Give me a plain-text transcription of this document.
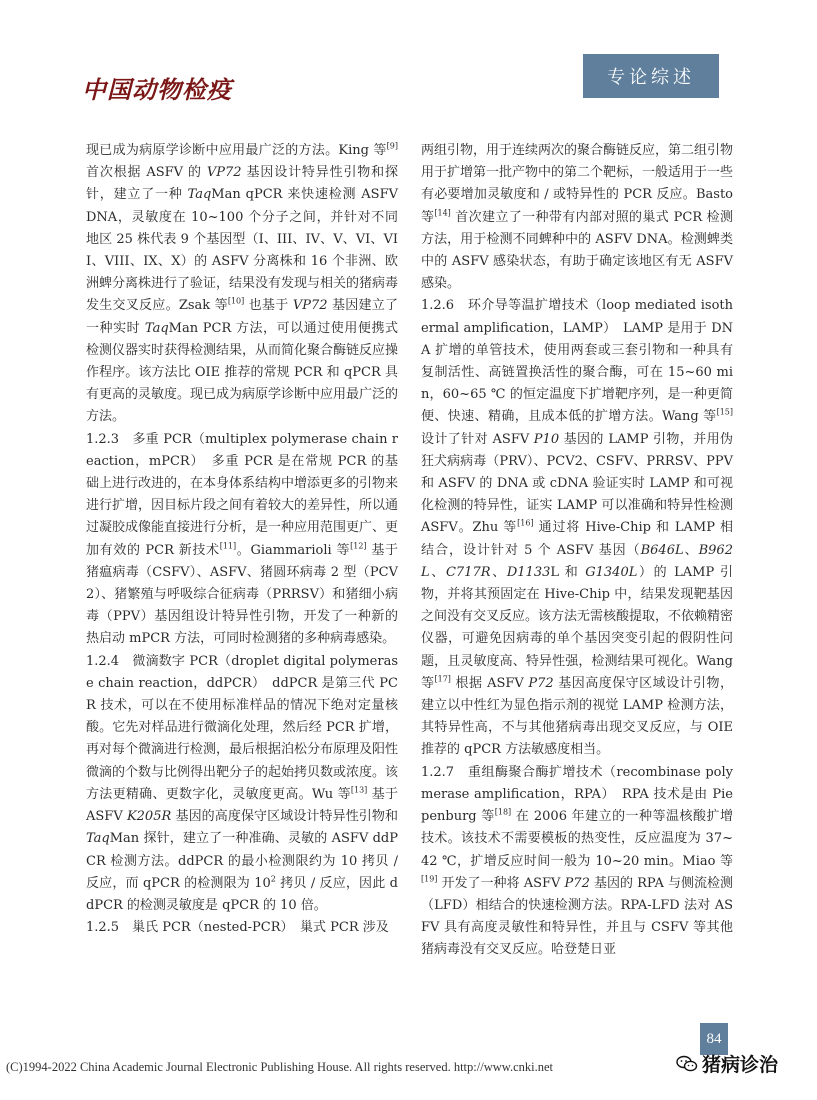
中国动物检疫	专论综述

现已成为病原学诊断中应用最广泛的方法。King 等[9] 首次根据 ASFV 的 VP72 基因设计特异性引物和探针，建立了一种 TaqMan qPCR 来快速检测 ASFV DNA，灵敏度在 10~100 个分子之间，并针对不同地区 25 株代表 9 个基因型（I、III、IV、V、VI、VII、VIII、IX、X）的 ASFV 分离株和 16 个非洲、欧洲蜱分离株进行了验证，结果没有发现与相关的猪病毒发生交叉反应。Zsak 等[10] 也基于 VP72 基因建立了一种实时 TaqMan PCR 方法，可以通过使用便携式检测仪器实时获得检测结果，从而简化聚合酶链反应操作程序。该方法比 OIE 推荐的常规 PCR 和 qPCR 具有更高的灵敏度。现已成为病原学诊断中应用最广泛的方法。

1.2.3　多重 PCR（multiplex polymerase chain reaction，mPCR）　多重 PCR 是在常规 PCR 的基础上进行改进的，在本身体系结构中增添更多的引物来进行扩增，因目标片段之间有着较大的差异性，所以通过凝胶成像能直接进行分析，是一种应用范围更广、更加有效的 PCR 新技术[11]。Giammarioli 等[12] 基于猪瘟病毒（CSFV）、ASFV、猪圆环病毒 2 型（PCV2）、猪繁殖与呼吸综合征病毒（PRRSV）和猪细小病毒（PPV）基因组设计特异性引物，开发了一种新的热启动 mPCR 方法，可同时检测猪的多种病毒感染。

1.2.4　微滴数字 PCR（droplet digital polymerase chain reaction，ddPCR）　ddPCR 是第三代 PCR 技术，可以在不使用标准样品的情况下绝对定量核酸。它先对样品进行微滴化处理，然后经 PCR 扩增，再对每个微滴进行检测，最后根据泊松分布原理及阳性微滴的个数与比例得出靶分子的起始拷贝数或浓度。该方法更精确、更数字化，灵敏度更高。Wu 等[13] 基于 ASFV K205R 基因的高度保守区域设计特异性引物和 TaqMan 探针，建立了一种准确、灵敏的 ASFV ddPCR 检测方法。ddPCR 的最小检测限约为 10 拷贝 / 反应，而 qPCR 的检测限为 $10^2$ 拷贝 / 反应，因此 ddPCR 的检测灵敏度是 qPCR 的 10 倍。

1.2.5　巢氏 PCR（nested-PCR）　巢式 PCR 涉及

两组引物，用于连续两次的聚合酶链反应，第二组引物用于扩增第一批产物中的第二个靶标，一般适用于一些有必要增加灵敏度和 / 或特异性的 PCR 反应。Basto 等[14] 首次建立了一种带有内部对照的巢式 PCR 检测方法，用于检测不同蜱种中的 ASFV DNA。检测蜱类中的 ASFV 感染状态，有助于确定该地区有无 ASFV 感染。

1.2.6　环介导等温扩增技术（loop mediated isothermal amplification，LAMP）　LAMP 是用于 DNA 扩增的单管技术，使用两套或三套引物和一种具有复制活性、高链置换活性的聚合酶，可在 15~60 min，60~65 ℃ 的恒定温度下扩增靶序列，是一种更简便、快速、精确，且成本低的扩增方法。Wang 等[15] 设计了针对 ASFV P10 基因的 LAMP 引物，并用伪狂犬病病毒（PRV）、PCV2、CSFV、PRRSV、PPV 和 ASFV 的 DNA 或 cDNA 验证实时 LAMP 和可视化检测的特异性，证实 LAMP 可以准确和特异性检测 ASFV。Zhu 等[16] 通过将 Hive-Chip 和 LAMP 相结合，设计针对 5 个 ASFV 基因（B646L、B962L、C717R、D1133L 和 G1340L）的 LAMP 引物，并将其预固定在 Hive-Chip 中，结果发现靶基因之间没有交叉反应。该方法无需核酸提取，不依赖精密仪器，可避免因病毒的单个基因突变引起的假阴性问题，且灵敏度高、特异性强，检测结果可视化。Wang 等[17] 根据 ASFV P72 基因高度保守区域设计引物，建立以中性红为显色指示剂的视觉 LAMP 检测方法，其特异性高，不与其他猪病毒出现交叉反应，与 OIE 推荐的 qPCR 方法敏感度相当。

1.2.7　重组酶聚合酶扩增技术（recombinase polymerase amplification，RPA）　RPA 技术是由 Piepenburg 等[18] 在 2006 年建立的一种等温核酸扩增技术。该技术不需要模板的热变性，反应温度为 37~42 ℃，扩增反应时间一般为 10~20 min。Miao 等[19] 开发了一种将 ASFV P72 基因的 RPA 与侧流检测（LFD）相结合的快速检测方法。RPA-LFD 法对 ASFV 具有高度灵敏性和特异性，并且与 CSFV 等其他猪病毒没有交叉反应。哈登楚日亚

84
(C)1994-2022 China Academic Journal Electronic Publishing House. All rights reserved. http://www.cnki.net	猪病诊治
